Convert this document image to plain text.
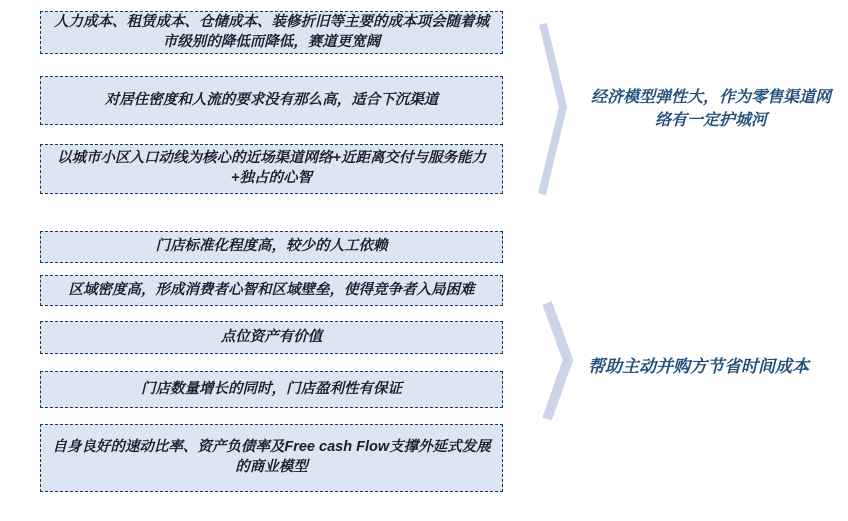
人力成本、租赁成本、仓储成本、装修折旧等主要的成本项会随着城市级别的降低而降低，赛道更宽阔
对居住密度和人流的要求没有那么高，适合下沉渠道
以城市小区入口动线为核心的近场渠道网络+近距离交付与服务能力+独占的心智
门店标准化程度高，较少的人工依赖
区域密度高，形成消费者心智和区域壁垒，使得竞争者入局困难
点位资产有价值
门店数量增长的同时，门店盈利性有保证
自身良好的速动比率、资产负债率及Free cash Flow支撑外延式发展的商业模型
经济模型弹性大，作为零售渠道网络有一定护城河
帮助主动并购方节省时间成本
